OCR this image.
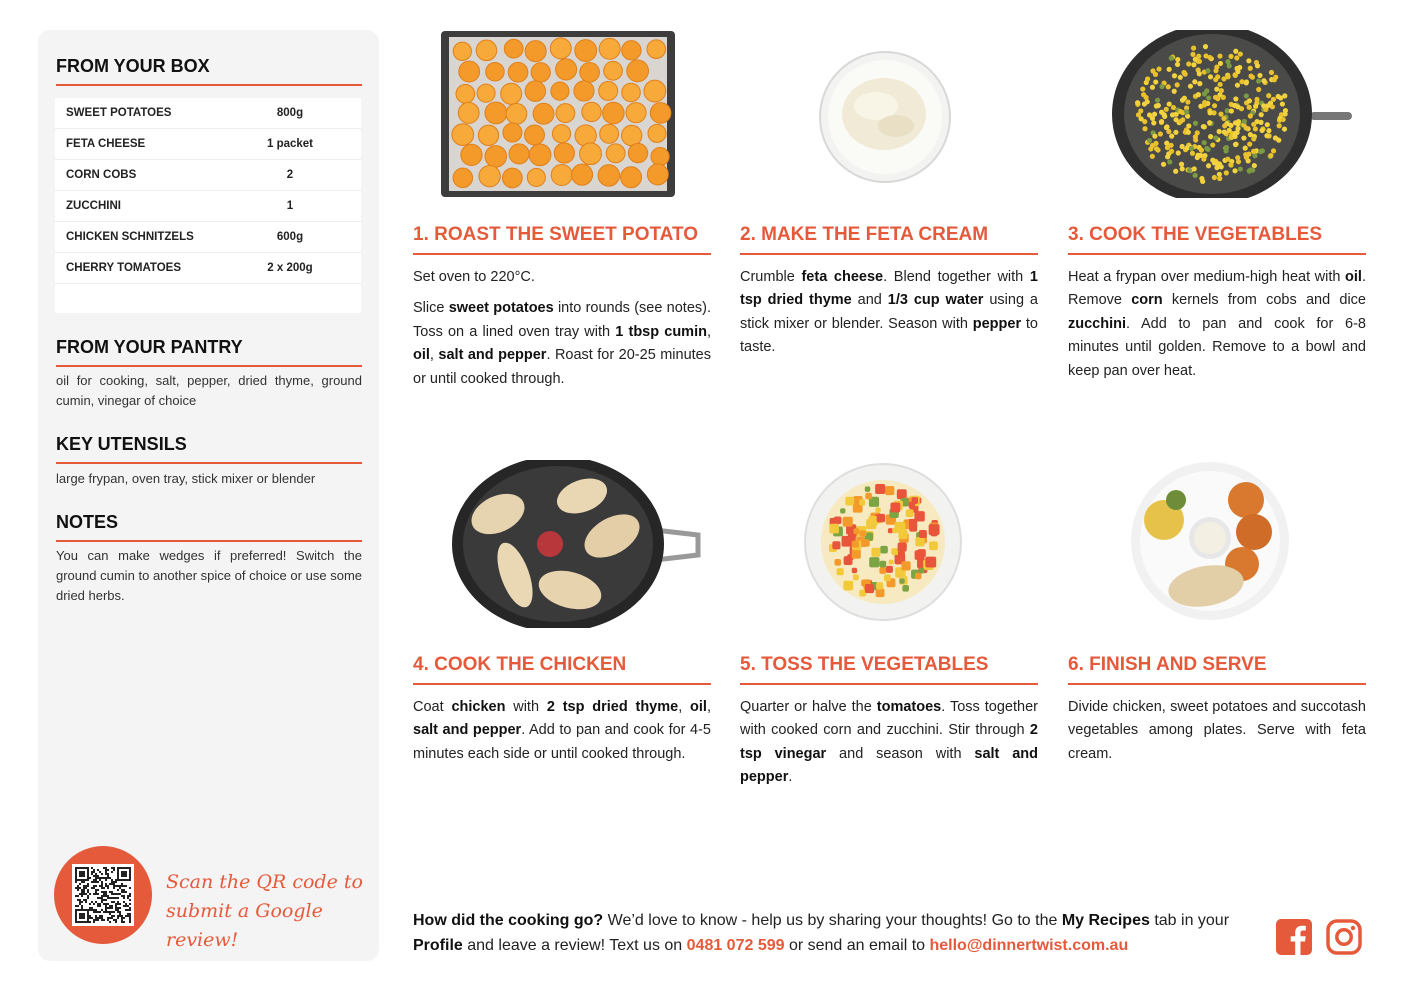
FROM YOUR BOX
SWEET POTATOES	800g
FETA CHEESE	1 packet
CORN COBS	2
ZUCCHINI	1
CHICKEN SCHNITZELS	600g
CHERRY TOMATOES	2 x 200g
FROM YOUR PANTRY
oil for cooking, salt, pepper, dried thyme, ground cumin, vinegar of choice
KEY UTENSILS
large frypan, oven tray, stick mixer or blender
NOTES
You can make wedges if preferred! Switch the ground cumin to another spice of choice or use some dried herbs.
Scan the QR code to
submit a Google review!
1. ROAST THE SWEET POTATO

Set oven to 220°C.

Slice sweet potatoes into rounds (see notes). Toss on a lined oven tray with 1 tbsp cumin, oil, salt and pepper. Roast for 20-25 minutes or until cooked through.

2. MAKE THE FETA CREAM

Crumble feta cheese. Blend together with 1 tsp dried thyme and 1/3 cup water using a stick mixer or blender. Season with pepper to taste.

3. COOK THE VEGETABLES

Heat a frypan over medium-high heat with oil. Remove corn kernels from cobs and dice zucchini. Add to pan and cook for 6-8 minutes until golden. Remove to a bowl and keep pan over heat.

4. COOK THE CHICKEN

Coat chicken with 2 tsp dried thyme, oil, salt and pepper. Add to pan and cook for 4-5 minutes each side or until cooked through.

5. TOSS THE VEGETABLES

Quarter or halve the tomatoes. Toss together with cooked corn and zucchini. Stir through 2 tsp vinegar and season with salt and pepper.

6. FINISH AND SERVE

Divide chicken, sweet potatoes and succotash vegetables among plates. Serve with feta cream.

How did the cooking go? We’d love to know - help us by sharing your thoughts! Go to the My Recipes tab in your Profile and leave a review! Text us on 0481 072 599 or send an email to hello@dinnertwist.com.au
